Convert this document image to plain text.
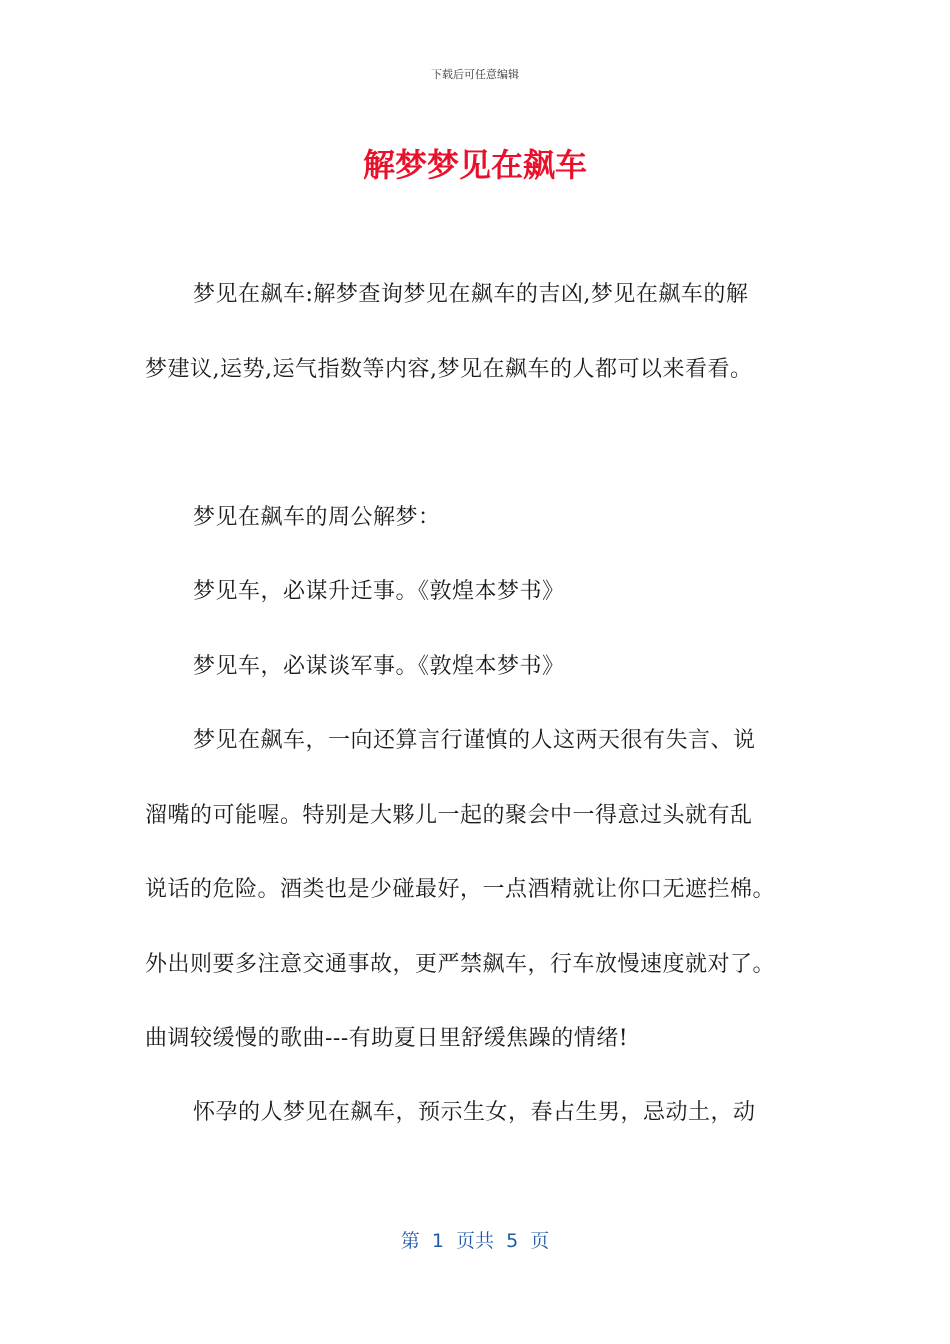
下载后可任意编辑
解梦梦见在飙车
梦见在飙车:解梦查询梦见在飙车的吉凶,梦见在飙车的解
梦建议,运势,运气指数等内容,梦见在飙车的人都可以来看看。
梦见在飙车的周公解梦：
梦见车，必谋升迁事。《敦煌本梦书》
梦见车，必谋谈军事。《敦煌本梦书》
梦见在飙车，一向还算言行谨慎的人这两天很有失言、说
溜嘴的可能喔。特别是大夥儿一起的聚会中一得意过头就有乱
说话的危险。酒类也是少碰最好，一点酒精就让你口无遮拦棉。
外出则要多注意交通事故，更严禁飙车，行车放慢速度就对了。
曲调较缓慢的歌曲---有助夏日里舒缓焦躁的情绪!
怀孕的人梦见在飙车，预示生女，春占生男，忌动土，动
第  1  页共  5  页
